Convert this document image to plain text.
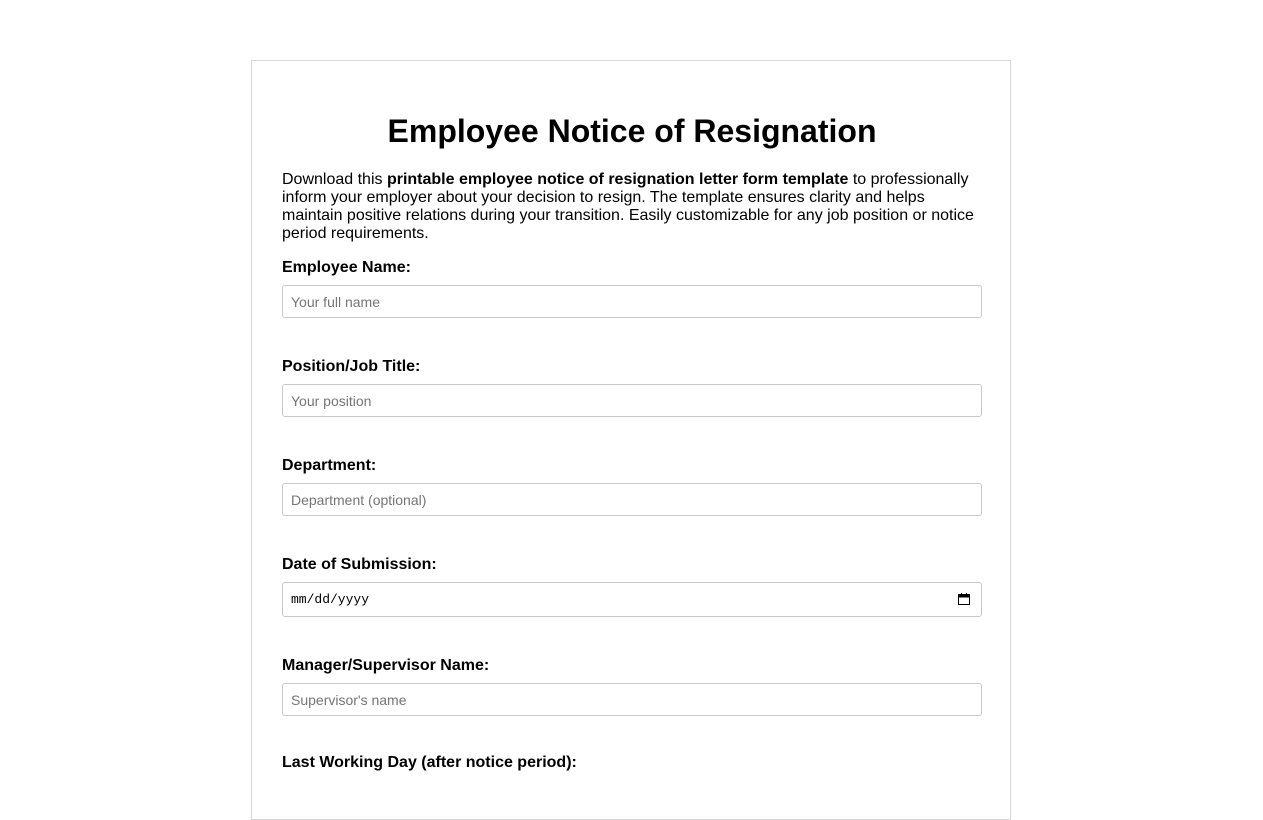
Employee Notice of Resignation

Download this printable employee notice of resignation letter form template to professionally inform your employer about your decision to resign. The template ensures clarity and helps maintain positive relations during your transition. Easily customizable for any job position or notice period requirements.

Employee Name:
Your full name
Position/Job Title:
Your position
Department:
Department (optional)
Date of Submission:
mm/dd/yyyy
Manager/Supervisor Name:
Supervisor's name
Last Working Day (after notice period):
